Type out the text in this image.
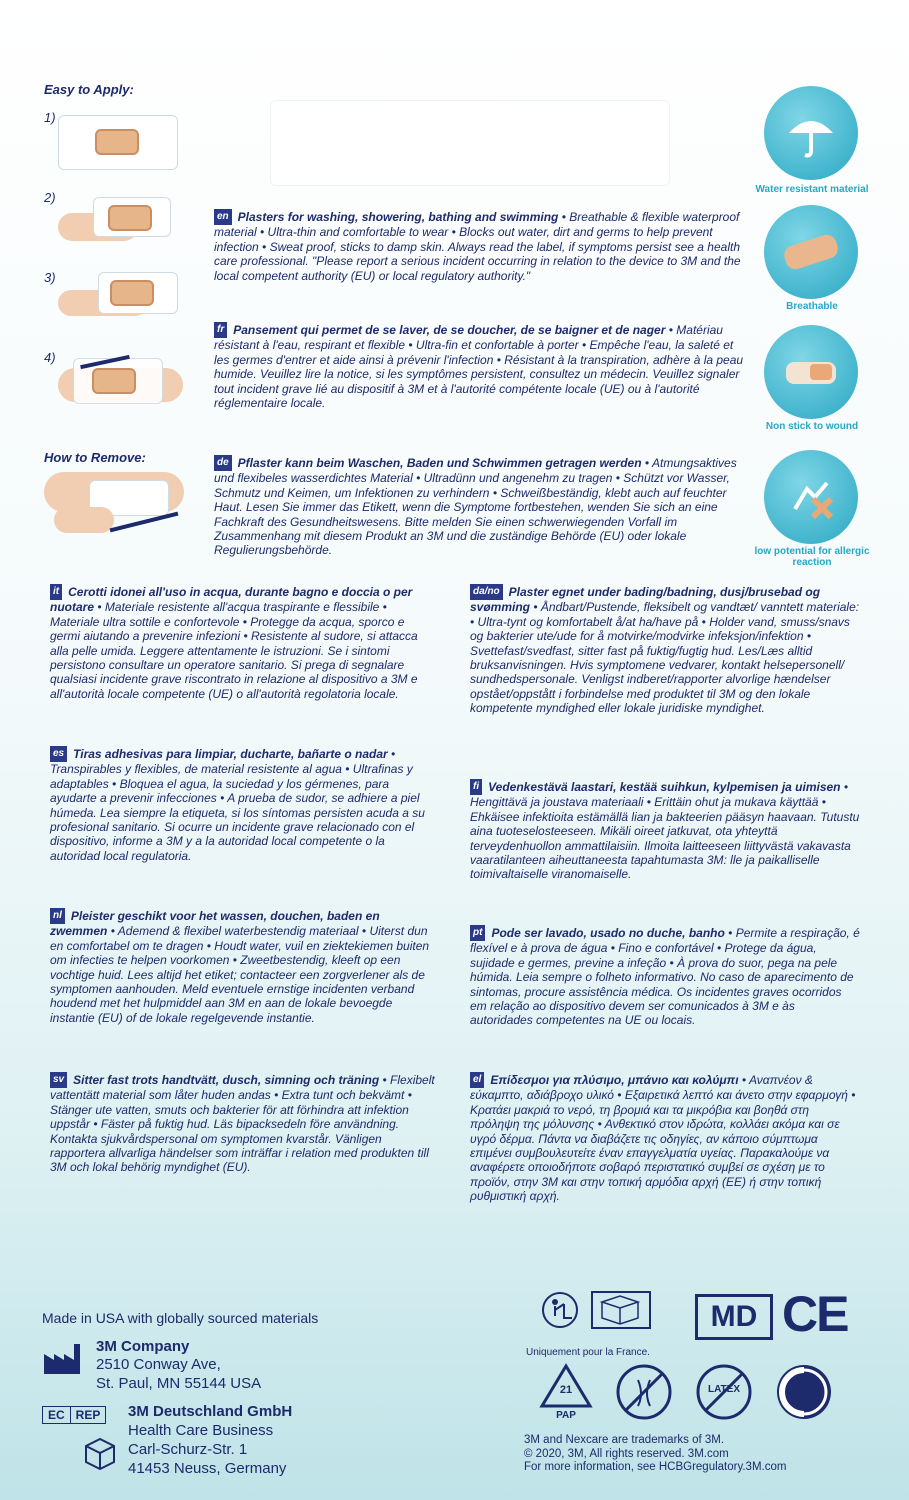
Easy to Apply:
1)
2)
3)
4)
How to Remove:
en Plasters for washing, showering, bathing and swimming • Breathable & flexible waterproof material • Ultra-thin and comfortable to wear • Blocks out water, dirt and germs to help prevent infection • Sweat proof, sticks to damp skin. Always read the label, if symptoms persist see a health care professional. "Please report a serious incident occurring in relation to the device to 3M and the local competent authority (EU) or local regulatory authority."
fr Pansement qui permet de se laver, de se doucher, de se baigner et de nager • Matériau résistant à l'eau, respirant et flexible • Ultra-fin et confortable à porter • Empêche l'eau, la saleté et les germes d'entrer et aide ainsi à prévenir l'infection • Résistant à la transpiration, adhère à la peau humide. Veuillez lire la notice, si les symptômes persistent, consultez un médecin. Veuillez signaler tout incident grave lié au dispositif à 3M et à l'autorité compétente locale (UE) ou à l'autorité réglementaire locale.
de Pflaster kann beim Waschen, Baden und Schwimmen getragen werden • Atmungsaktives und flexibeles wasserdichtes Material • Ultradünn und angenehm zu tragen • Schützt vor Wasser, Schmutz und Keimen, um Infektionen zu verhindern • Schweißbeständig, klebt auch auf feuchter Haut. Lesen Sie immer das Etikett, wenn die Symptome fortbestehen, wenden Sie sich an eine Fachkraft des Gesundheitswesens. Bitte melden Sie einen schwerwiegenden Vorfall im Zusammenhang mit diesem Produkt an 3M und die zuständige Behörde (EU) oder lokale Regulierungsbehörde.
Water resistant material
Breathable
Non stick to wound
low potential for allergic reaction
it Cerotti idonei all'uso in acqua, durante bagno e doccia o per nuotare • Materiale resistente all'acqua traspirante e flessibile • Materiale ultra sottile e confortevole • Protegge da acqua, sporco e germi aiutando a prevenire infezioni • Resistente al sudore, si attacca alla pelle umida. Leggere attentamente le istruzioni. Se i sintomi persistono consultare un operatore sanitario. Si prega di segnalare qualsiasi incidente grave riscontrato in relazione al dispositivo a 3M e all'autorità locale competente (UE) o all'autorità regolatoria locale.
es Tiras adhesivas para limpiar, ducharte, bañarte o nadar • Transpirables y flexibles, de material resistente al agua • Ultrafinas y adaptables • Bloquea el agua, la suciedad y los gérmenes, para ayudarte a prevenir infecciones • A prueba de sudor, se adhiere a piel húmeda. Lea siempre la etiqueta, si los síntomas persisten acuda a su profesional sanitario. Si ocurre un incidente grave relacionado con el dispositivo, informe a 3M y a la autoridad local competente o la autoridad local regulatoria.
nl Pleister geschikt voor het wassen, douchen, baden en zwemmen • Ademend & flexibel waterbestendig materiaal • Uiterst dun en comfortabel om te dragen • Houdt water, vuil en ziektekiemen buiten om infecties te helpen voorkomen • Zweetbestendig, kleeft op een vochtige huid. Lees altijd het etiket; contacteer een zorgverlener als de symptomen aanhouden. Meld eventuele ernstige incidenten verband houdend met het hulpmiddel aan 3M en aan de lokale bevoegde instantie (EU) of de lokale regelgevende instantie.
sv Sitter fast trots handtvätt, dusch, simning och träning • Flexibelt vattentätt material som låter huden andas • Extra tunt och bekvämt • Stänger ute vatten, smuts och bakterier för att förhindra att infektion uppstår • Fäster på fuktig hud. Läs bipacksedeln före användning. Kontakta sjukvårdspersonal om symptomen kvarstår. Vänligen rapportera allvarliga händelser som inträffar i relation med produkten till 3M och lokal behörig myndighet (EU).
da/no Plaster egnet under bading/badning, dusj/brusebad og svømming • Åndbart/Pustende, fleksibelt og vandtæt/ vanntett materiale: • Ultra-tynt og komfortabelt å/at ha/have på • Holder vand, smuss/snavs og bakterier ute/ude for å motvirke/modvirke infeksjon/infektion • Svettefast/svedfast, sitter fast på fuktig/fugtig hud. Les/Læs alltid bruksanvisningen. Hvis symptomene vedvarer, kontakt helsepersonell/ sundhedspersonale. Venligst indberet/rapporter alvorlige hændelser opstået/oppstått i forbindelse med produktet til 3M og den lokale kompetente myndighed eller lokale juridiske myndighet.
fi Vedenkestävä laastari, kestää suihkun, kylpemisen ja uimisen • Hengittävä ja joustava materiaali • Erittäin ohut ja mukava käyttää • Ehkäisee infektioita estämällä lian ja bakteerien pääsyn haavaan. Tutustu aina tuoteselosteeseen. Mikäli oireet jatkuvat, ota yhteyttä terveydenhuollon ammattilaisiin. Ilmoita laitteeseen liittyvästä vakavasta vaaratilanteen aiheuttaneesta tapahtumasta 3M: lle ja paikalliselle toimivaltaiselle viranomaiselle.
pt Pode ser lavado, usado no duche, banho • Permite a respiração, é flexível e à prova de água • Fino e confortável • Protege da água, sujidade e germes, previne a infeção • À prova do suor, pega na pele húmida. Leia sempre o folheto informativo. No caso de aparecimento de sintomas, procure assistência médica. Os incidentes graves ocorridos em relação ao dispositivo devem ser comunicados à 3M e às autoridades competentes na UE ou locais.
el Επίδεσμοι για πλύσιμο, μπάνιο και κολύμπι • Αναπνέον & εύκαμπτο, αδιάβροχο υλικό • Εξαιρετικά λεπτό και άνετο στην εφαρμογή • Κρατάει μακριά το νερό, τη βρομιά και τα μικρόβια και βοηθά στη πρόληψη της μόλυνσης • Ανθεκτικό στον ιδρώτα, κολλάει ακόμα και σε υγρό δέρμα. Πάντα να διαβάζετε τις οδηγίες, αν κάποιο σύμπτωμα επιμένει συμβουλευτείτε έναν επαγγελματία υγείας. Παρακαλούμε να αναφέρετε οποιοδήποτε σοβαρό περιστατικό συμβεί σε σχέση με το προϊόν, στην 3M και στην τοπική αρμόδια αρχή (ΕΕ) ή στην τοπική ρυθμιστική αρχή.
Made in USA with globally sourced materials
3M Company
2510 Conway Ave,
St. Paul, MN 55144 USA
EC REP	3M Deutschland GmbH
Health Care Business
Carl-Schurz-Str. 1
41453 Neuss, Germany
Uniquement pour la France.
MD CE
21
PAP
LATEX
3M and Nexcare are trademarks of 3M.
© 2020, 3M, All rights reserved. 3M.com
For more information, see HCBGregulatory.3M.com
